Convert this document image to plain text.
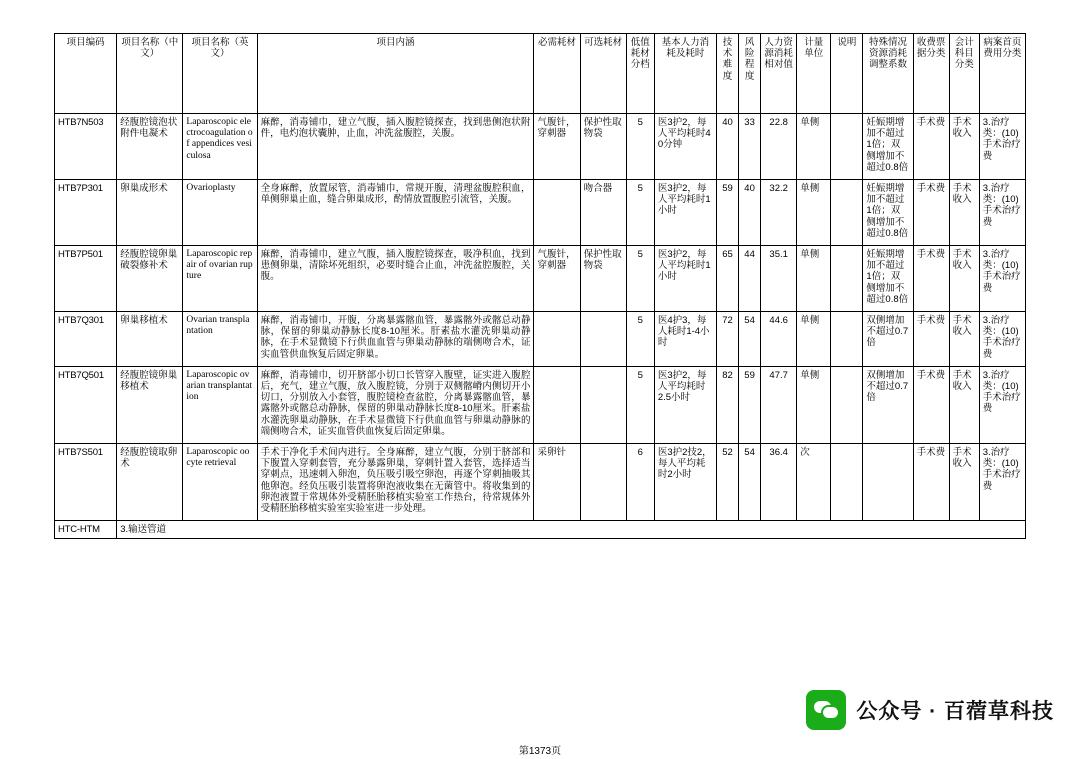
项目编码	项目名称（中文）	项目名称（英文）	项目内涵	必需耗材	可选耗材	低值耗材分档	基本人力消耗及耗时	技术难度	风险程度	人力资源消耗相对值	计量单位	说明	特殊情况资源消耗调整系数	收费票据分类	会计科目分类	病案首页费用分类
HTB7N503	经腹腔镜泡状附件电凝术	Laparoscopic electrocoagulation of appendices vesiculosa	麻醉，消毒铺巾，建立气腹，插入腹腔镜探查，找到患侧泡状附件，电灼泡状囊肿，止血，冲洗盆腹腔，关腹。	气腹针，穿刺器	保护性取物袋	5	医3护2，每人平均耗时40分钟	40	33	22.8	单侧		妊娠期增加不超过1倍；双侧增加不超过0.8倍	手术费	手术收入	3.治疗类：(10)手术治疗费
HTB7P301	卵巢成形术	Ovarioplasty	全身麻醉，放置尿管，消毒铺巾，常规开腹，清理盆腹腔积血，单侧卵巢止血，缝合卵巢成形，酌情放置腹腔引流管，关腹。		吻合器	5	医3护2，每人平均耗时1小时	59	40	32.2	单侧		妊娠期增加不超过1倍；双侧增加不超过0.8倍	手术费	手术收入	3.治疗类：(10)手术治疗费
HTB7P501	经腹腔镜卵巢破裂修补术	Laparoscopic repair of ovarian rupture	麻醉，消毒铺巾，建立气腹，插入腹腔镜探查，吸净积血，找到患侧卵巢，清除坏死组织，必要时缝合止血，冲洗盆腔腹腔，关腹。	气腹针，穿刺器	保护性取物袋	5	医3护2，每人平均耗时1小时	65	44	35.1	单侧		妊娠期增加不超过1倍；双侧增加不超过0.8倍	手术费	手术收入	3.治疗类：(10)手术治疗费
HTB7Q301	卵巢移植术	Ovarian transplantation	麻醉，消毒铺巾，开腹，分离暴露髂血管，暴露髂外或髂总动静脉，保留的卵巢动静脉长度8-10厘米。肝素盐水灌洗卵巢动静脉，在手术显微镜下行供血血管与卵巢动静脉的端侧吻合术，证实血管供血恢复后固定卵巢。			5	医4护3，每人耗时1-4小时	72	54	44.6	单侧		双侧增加不超过0.7倍	手术费	手术收入	3.治疗类：(10)手术治疗费
HTB7Q501	经腹腔镜卵巢移植术	Laparoscopic ovarian transplantation	麻醉，消毒铺巾，切开脐部小切口长管穿入腹壁，证实进入腹腔后，充气，建立气腹，放入腹腔镜，分别于双侧髂嵴内侧切开小切口，分别放入小套管，腹腔镜检查盆腔，分离暴露髂血管，暴露髂外或髂总动静脉，保留的卵巢动静脉长度8-10厘米。肝素盐水灌洗卵巢动静脉，在手术显微镜下行供血血管与卵巢动静脉的端侧吻合术，证实血管供血恢复后固定卵巢。			5	医3护2，每人平均耗时2.5小时	82	59	47.7	单侧		双侧增加不超过0.7倍	手术费	手术收入	3.治疗类：(10)手术治疗费
HTB7S501	经腹腔镜取卵术	Laparoscopic oocyte retrieval	手术于净化手术间内进行。全身麻醉，建立气腹，分别于脐部和下腹置入穿刺套管，充分暴露卵巢，穿刺针置入套管，选择适当穿刺点，迅速刺入卵泡，负压吸引吸空卵泡，再逐个穿刺抽吸其他卵泡。经负压吸引装置将卵泡液收集在无菌管中。将收集到的卵泡液置于常规体外受精胚胎移植实验室工作热台，待常规体外受精胚胎移植实验室实验室进一步处理。	采卵针		6	医3护2技2，每人平均耗时2小时	52	54	36.4	次			手术费	手术收入	3.治疗类：(10)手术治疗费
HTC-HTM	3.输送管道															
第1373页
公众号 · 百蓿草科技
